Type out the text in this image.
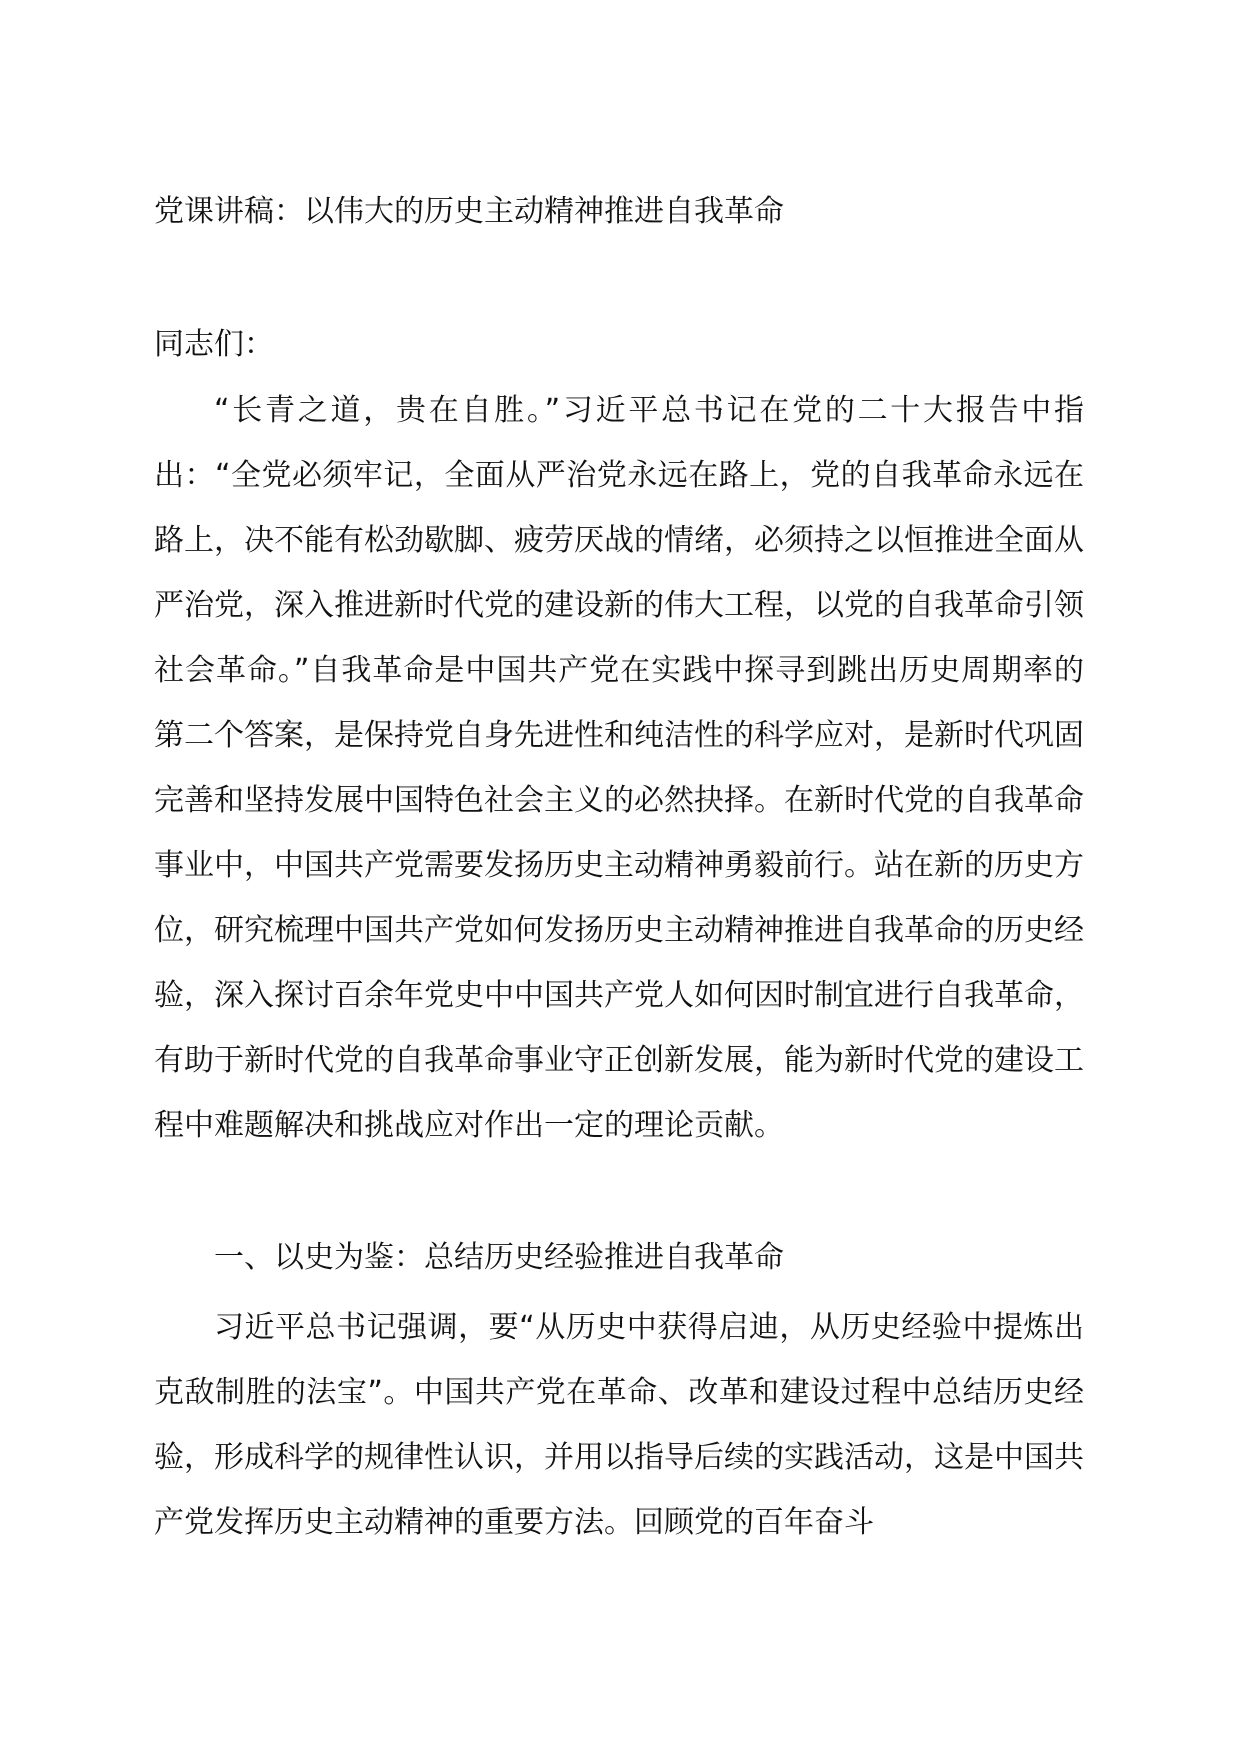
党课讲稿：以伟大的历史主动精神推进自我革命
同志们：

“长青之道，贵在自胜。”习近平总书记在党的二十大报告中指出：“全党必须牢记，全面从严治党永远在路上，党的自我革命永远在路上，决不能有松劲歇脚、疲劳厌战的情绪，必须持之以恒推进全面从严治党，深入推进新时代党的建设新的伟大工程，以党的自我革命引领社会革命。”自我革命是中国共产党在实践中探寻到跳出历史周期率的第二个答案，是保持党自身先进性和纯洁性的科学应对，是新时代巩固完善和坚持发展中国特色社会主义的必然抉择。在新时代党的自我革命事业中，中国共产党需要发扬历史主动精神勇毅前行。站在新的历史方位，研究梳理中国共产党如何发扬历史主动精神推进自我革命的历史经验，深入探讨百余年党史中中国共产党人如何因时制宜进行自我革命，有助于新时代党的自我革命事业守正创新发展，能为新时代党的建设工程中难题解决和挑战应对作出一定的理论贡献。

一、以史为鉴：总结历史经验推进自我革命

习近平总书记强调，要“从历史中获得启迪，从历史经验中提炼出克敌制胜的法宝”。中国共产党在革命、改革和建设过程中总结历史经验，形成科学的规律性认识，并用以指导后续的实践活动，这是中国共产党发挥历史主动精神的重要方法。回顾党的百年奋斗
